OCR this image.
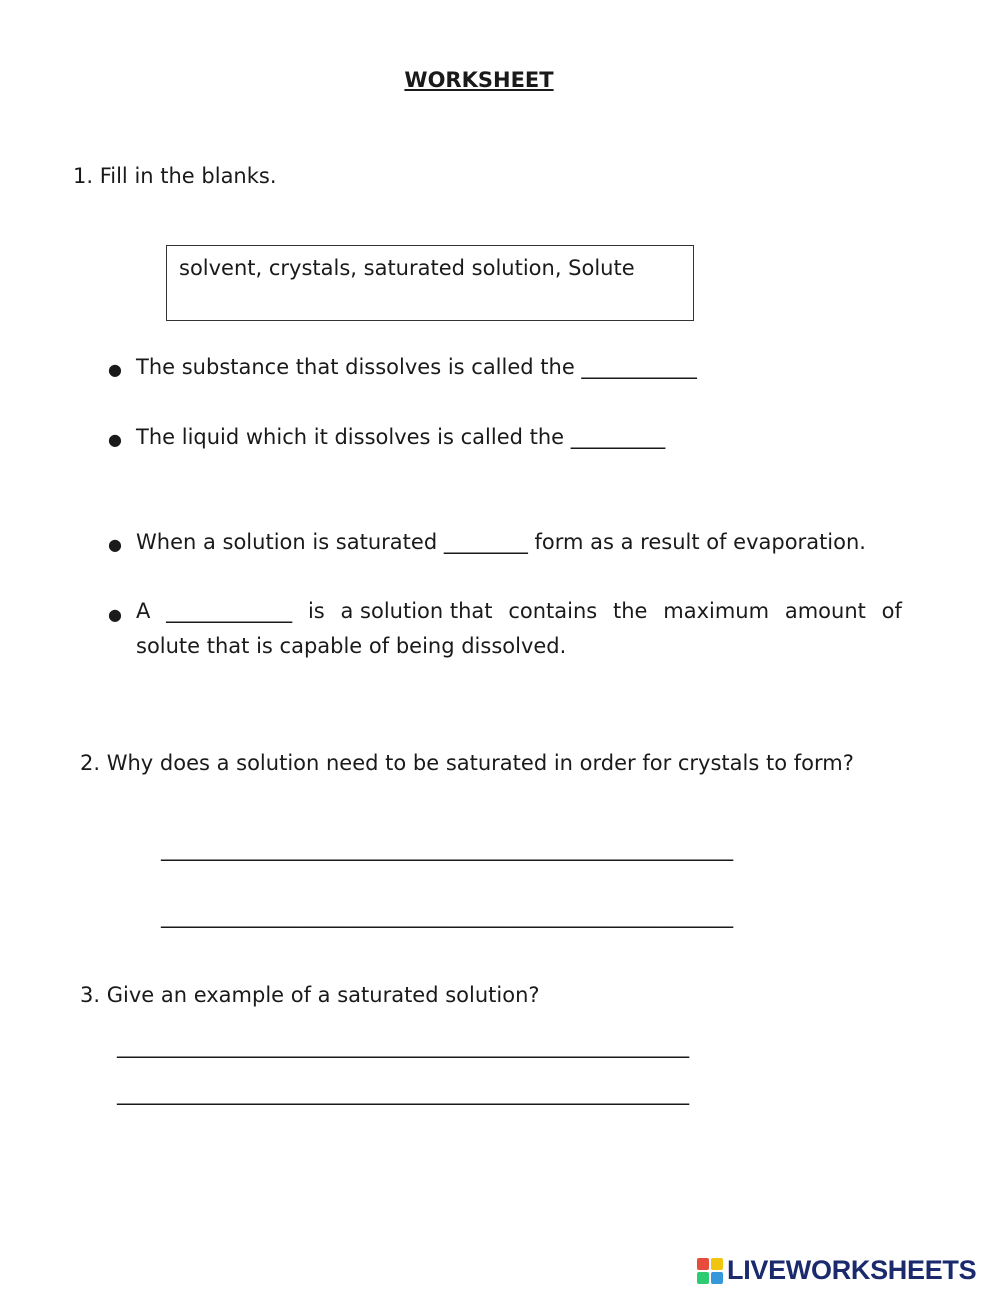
WORKSHEET
1. Fill in the blanks.
solvent, crystals, saturated solution, Solute
● The substance that dissolves is called the ___________
● The liquid which it dissolves is called the _________
● When a solution is saturated ________ form as a result of evaporation.
● A ____________ is a solution that contains the maximum amount of
solute that is capable of being dissolved.
2. Why does a solution need to be saturated in order for crystals to form?
_______________________________________________________
_______________________________________________________
3. Give an example of a saturated solution?
_______________________________________________________
_______________________________________________________
LIVEWORKSHEETS
